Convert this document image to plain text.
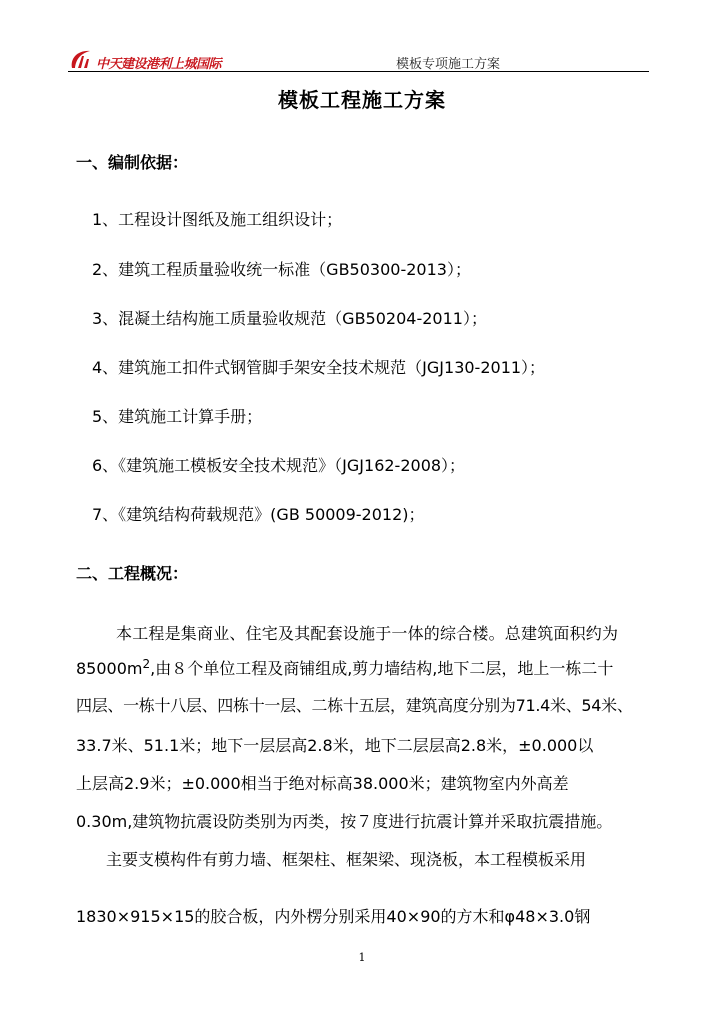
中天建设港利上城国际	模板专项施工方案
模板工程施工方案
一、编制依据：
1、工程设计图纸及施工组织设计；
2、建筑工程质量验收统一标准（GB50300-2013）；
3、混凝土结构施工质量验收规范（GB50204-2011）；
4、建筑施工扣件式钢管脚手架安全技术规范（JGJ130-2011）；
5、建筑施工计算手册；
6、《建筑施工模板安全技术规范》（JGJ162-2008）；
7、《建筑结构荷载规范》(GB 50009-2012)；
二、工程概况：
本工程是集商业、住宅及其配套设施于一体的综合楼。总建筑面积约为
$85000m^2$,由８个单位工程及商铺组成,剪力墙结构,地下二层，地上一栋二十
四层、一栋十八层、四栋十一层、二栋十五层，建筑高度分别为71.4米、54米、
33.7米、51.1米；地下一层层高2.8米，地下二层层高2.8米，±0.000以
上层高2.9米；±0.000相当于绝对标高38.000米；建筑物室内外高差
0.30m,建筑物抗震设防类别为丙类，按７度进行抗震计算并采取抗震措施。
主要支模构件有剪力墙、框架柱、框架梁、现浇板，本工程模板采用
1830×915×15的胶合板，内外楞分别采用40×90的方木和φ48×3.0钢
1
